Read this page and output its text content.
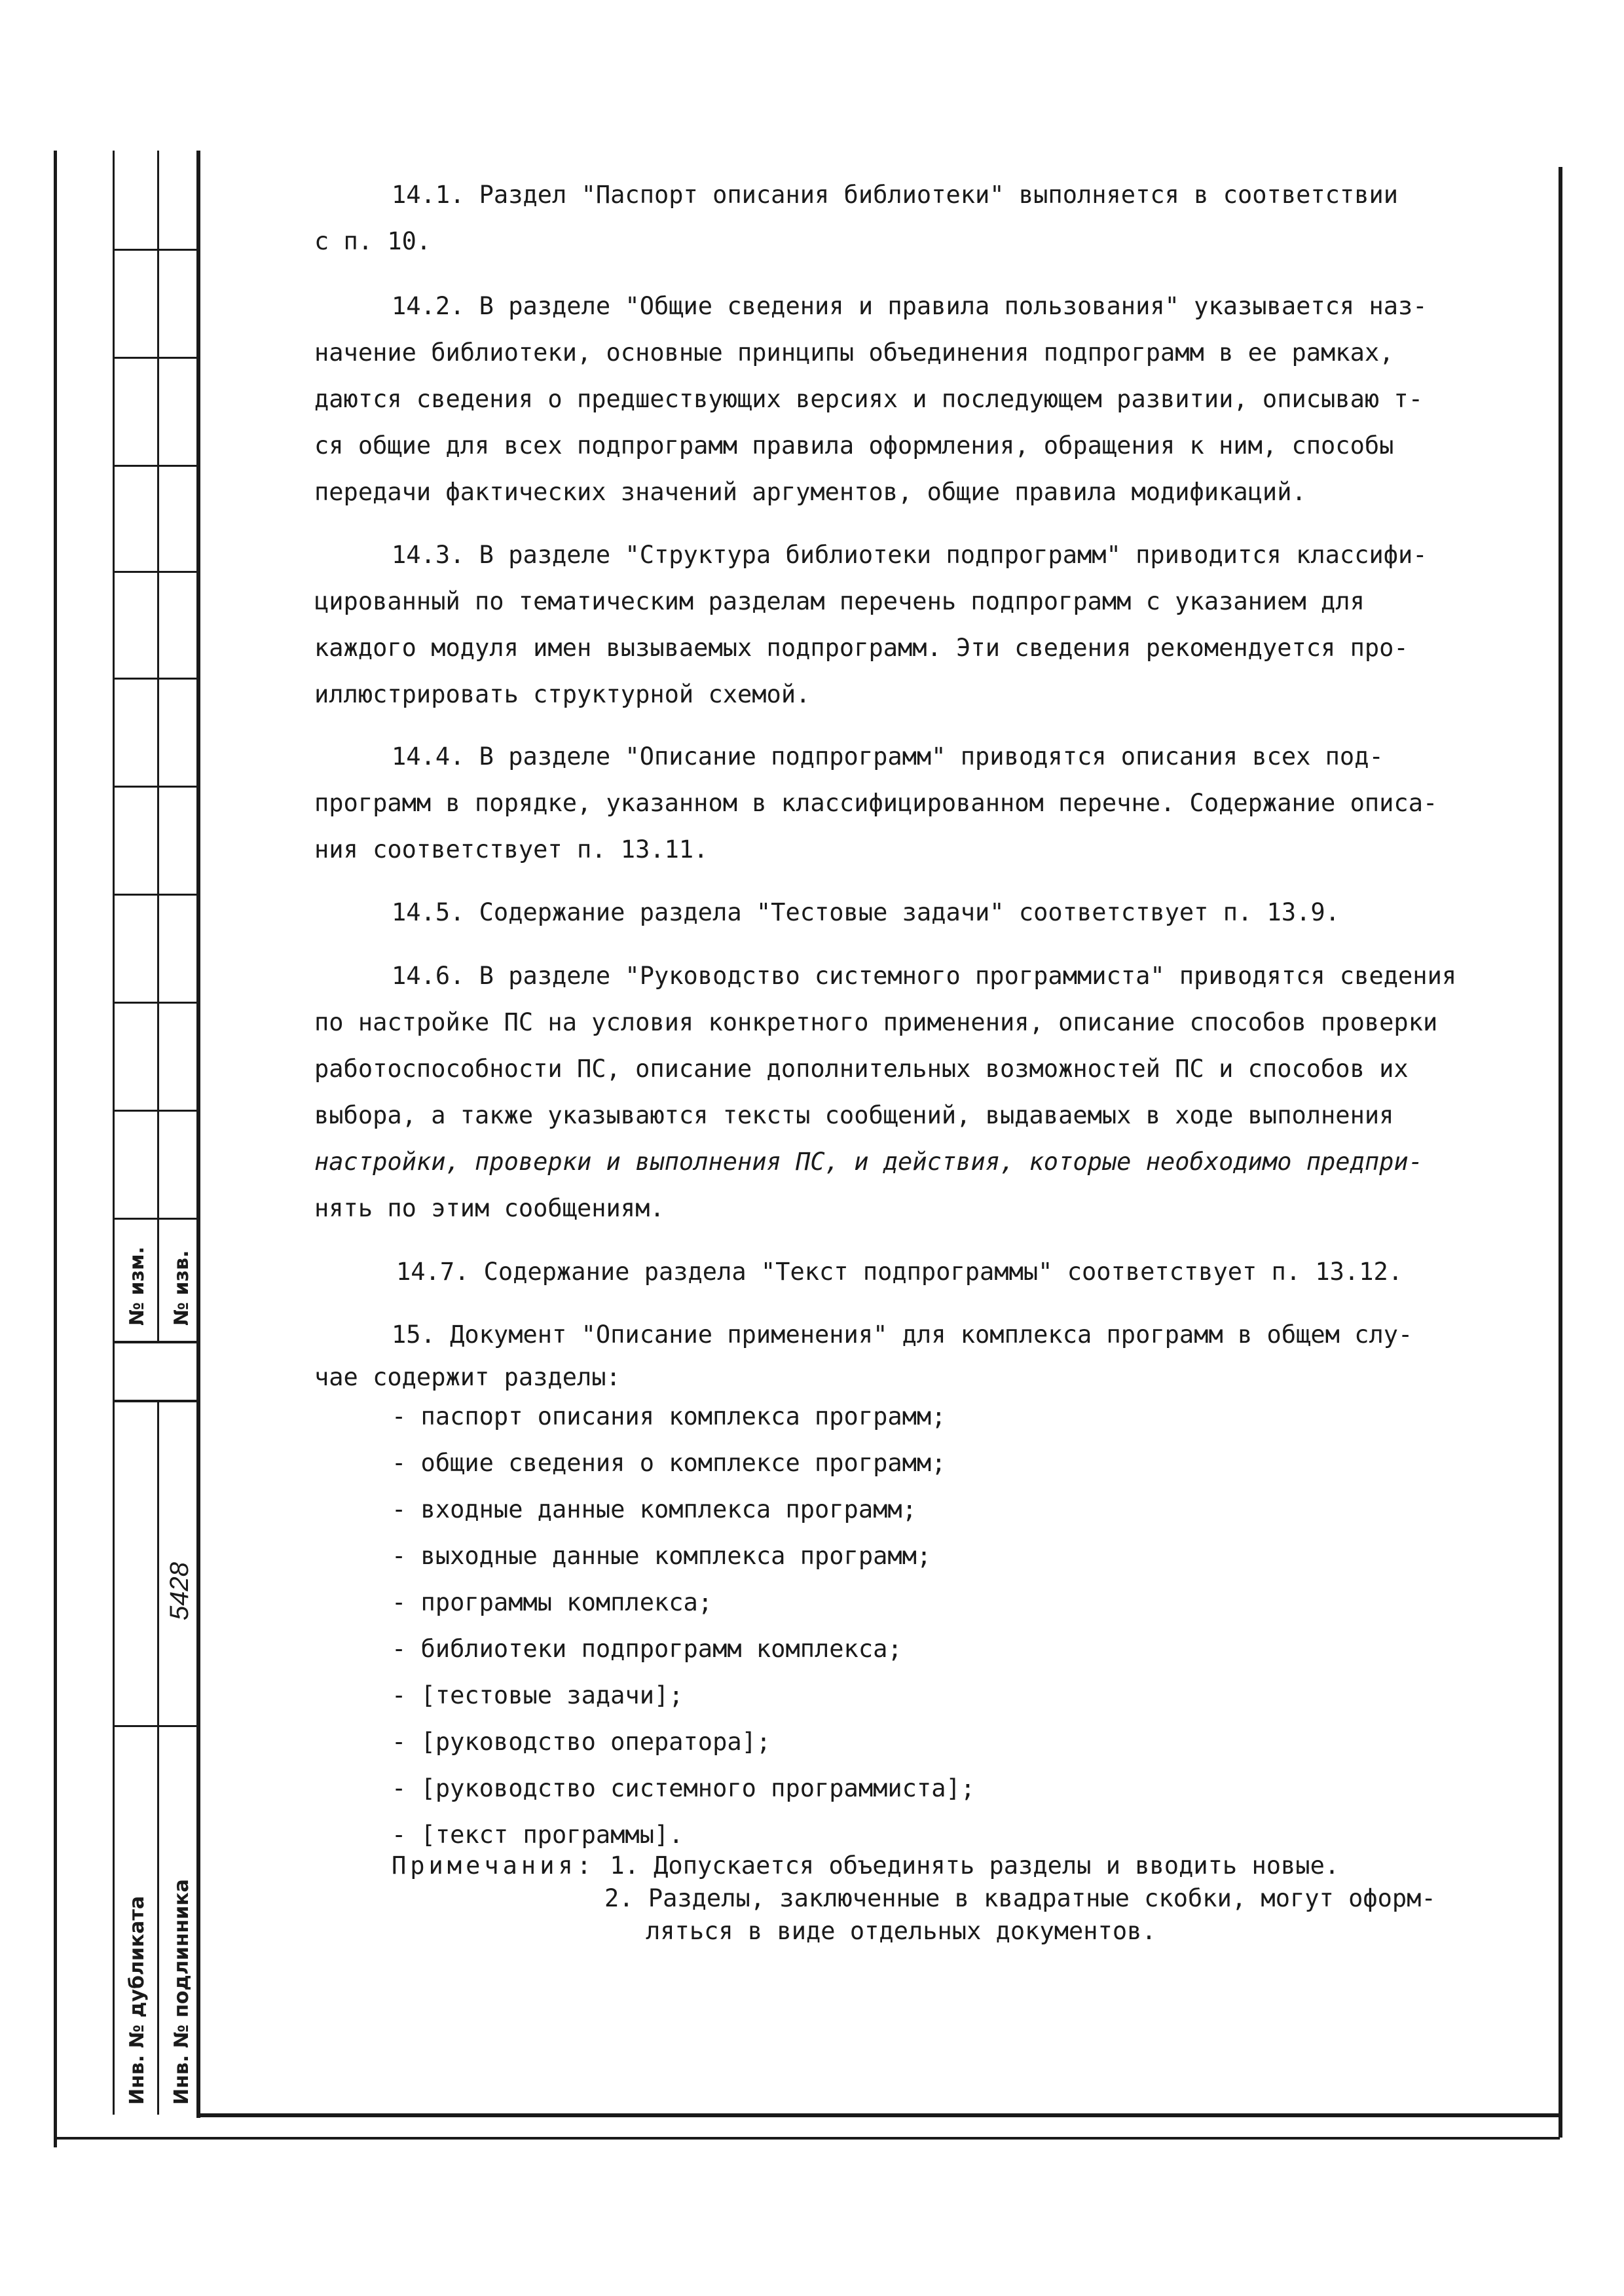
№ изм. № изв.
5428
Инв. № дубликата Инв. № подлинника

14.1. Раздел "Паспорт описания библиотеки" выполняется в соответствии

с п. 10.

14.2. В разделе "Общие сведения и правила пользования" указывается наз-

начение библиотеки, основные принципы объединения подпрограмм в ее рамках,

даются сведения о предшествующих версиях и последующем развитии, описываю т-

ся общие для всех подпрограмм правила оформления, обращения к ним, способы

передачи фактических значений аргументов, общие правила модификаций.

14.3. В разделе "Структура библиотеки подпрограмм" приводится классифи-

цированный по тематическим разделам перечень подпрограмм с указанием для

каждого модуля имен вызываемых подпрограмм. Эти сведения рекомендуется про-

иллюстрировать структурной схемой.

14.4. В разделе "Описание подпрограмм" приводятся описания всех под-

программ в порядке, указанном в классифицированном перечне. Содержание описа-

ния соответствует п. 13.11.

14.5. Содержание раздела "Тестовые задачи" соответствует п. 13.9.

14.6. В разделе "Руководство системного программиста" приводятся сведения

по настройке ПС на условия конкретного применения, описание способов проверки

работоспособности ПС, описание дополнительных возможностей ПС и способов их

выбора, а также указываются тексты сообщений, выдаваемых в ходе выполнения

настройки, проверки и выполнения ПС, и действия, которые необходимо предпри-

нять по этим сообщениям.

14.7. Содержание раздела "Текст подпрограммы" соответствует п. 13.12.

15. Документ "Описание применения" для комплекса программ в общем слу-

чае содержит разделы:

- паспорт описания комплекса программ;
- общие сведения о комплексе программ;
- входные данные комплекса программ;
- выходные данные комплекса программ;
- программы комплекса;
- библиотеки подпрограмм комплекса;
- [тестовые задачи];
- [руководство оператора];
- [руководство системного программиста];
- [текст программы].
Примечания: 1. Допускается объединять разделы и вводить новые.
2. Разделы, заключенные в квадратные скобки, могут оформ-
ляться в виде отдельных документов.
